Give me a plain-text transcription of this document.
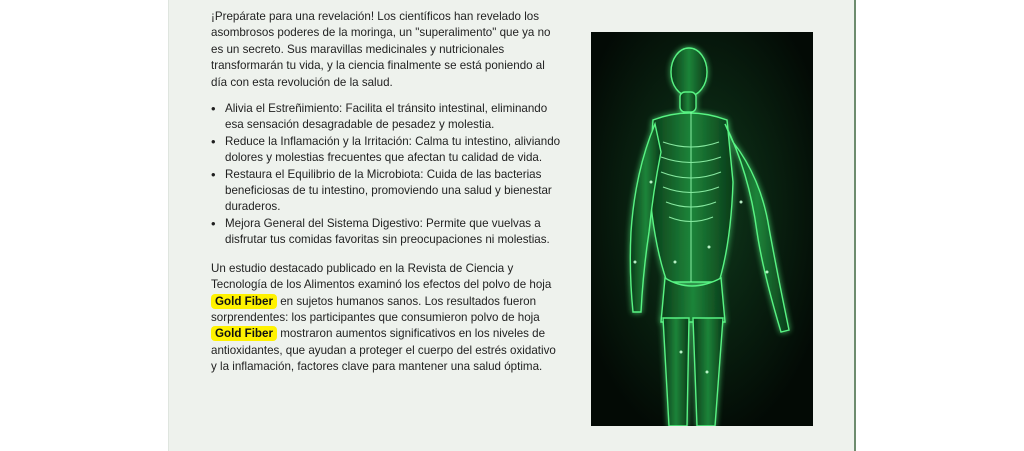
¡Prepárate para una revelación! Los científicos han revelado los asombrosos poderes de la moringa, un "superalimento" que ya no es un secreto. Sus maravillas medicinales y nutricionales transformarán tu vida, y la ciencia finalmente se está poniendo al día con esta revolución de la salud.

• Alivia el Estreñimiento: Facilita el tránsito intestinal, eliminando esa sensación desagradable de pesadez y molestia.
• Reduce la Inflamación y la Irritación: Calma tu intestino, aliviando dolores y molestias frecuentes que afectan tu calidad de vida.
• Restaura el Equilibrio de la Microbiota: Cuida de las bacterias beneficiosas de tu intestino, promoviendo una salud y bienestar duraderos.
• Mejora General del Sistema Digestivo: Permite que vuelvas a disfrutar tus comidas favoritas sin preocupaciones ni molestias.

Un estudio destacado publicado en la Revista de Ciencia y Tecnología de los Alimentos examinó los efectos del polvo de hoja
Gold Fiber en sujetos humanos sanos. Los resultados fueron sorprendentes: los participantes que consumieron polvo de hoja
Gold Fiber mostraron aumentos significativos en los niveles de antioxidantes, que ayudan a proteger el cuerpo del estrés oxidativo y la inflamación, factores clave para mantener una salud óptima.
